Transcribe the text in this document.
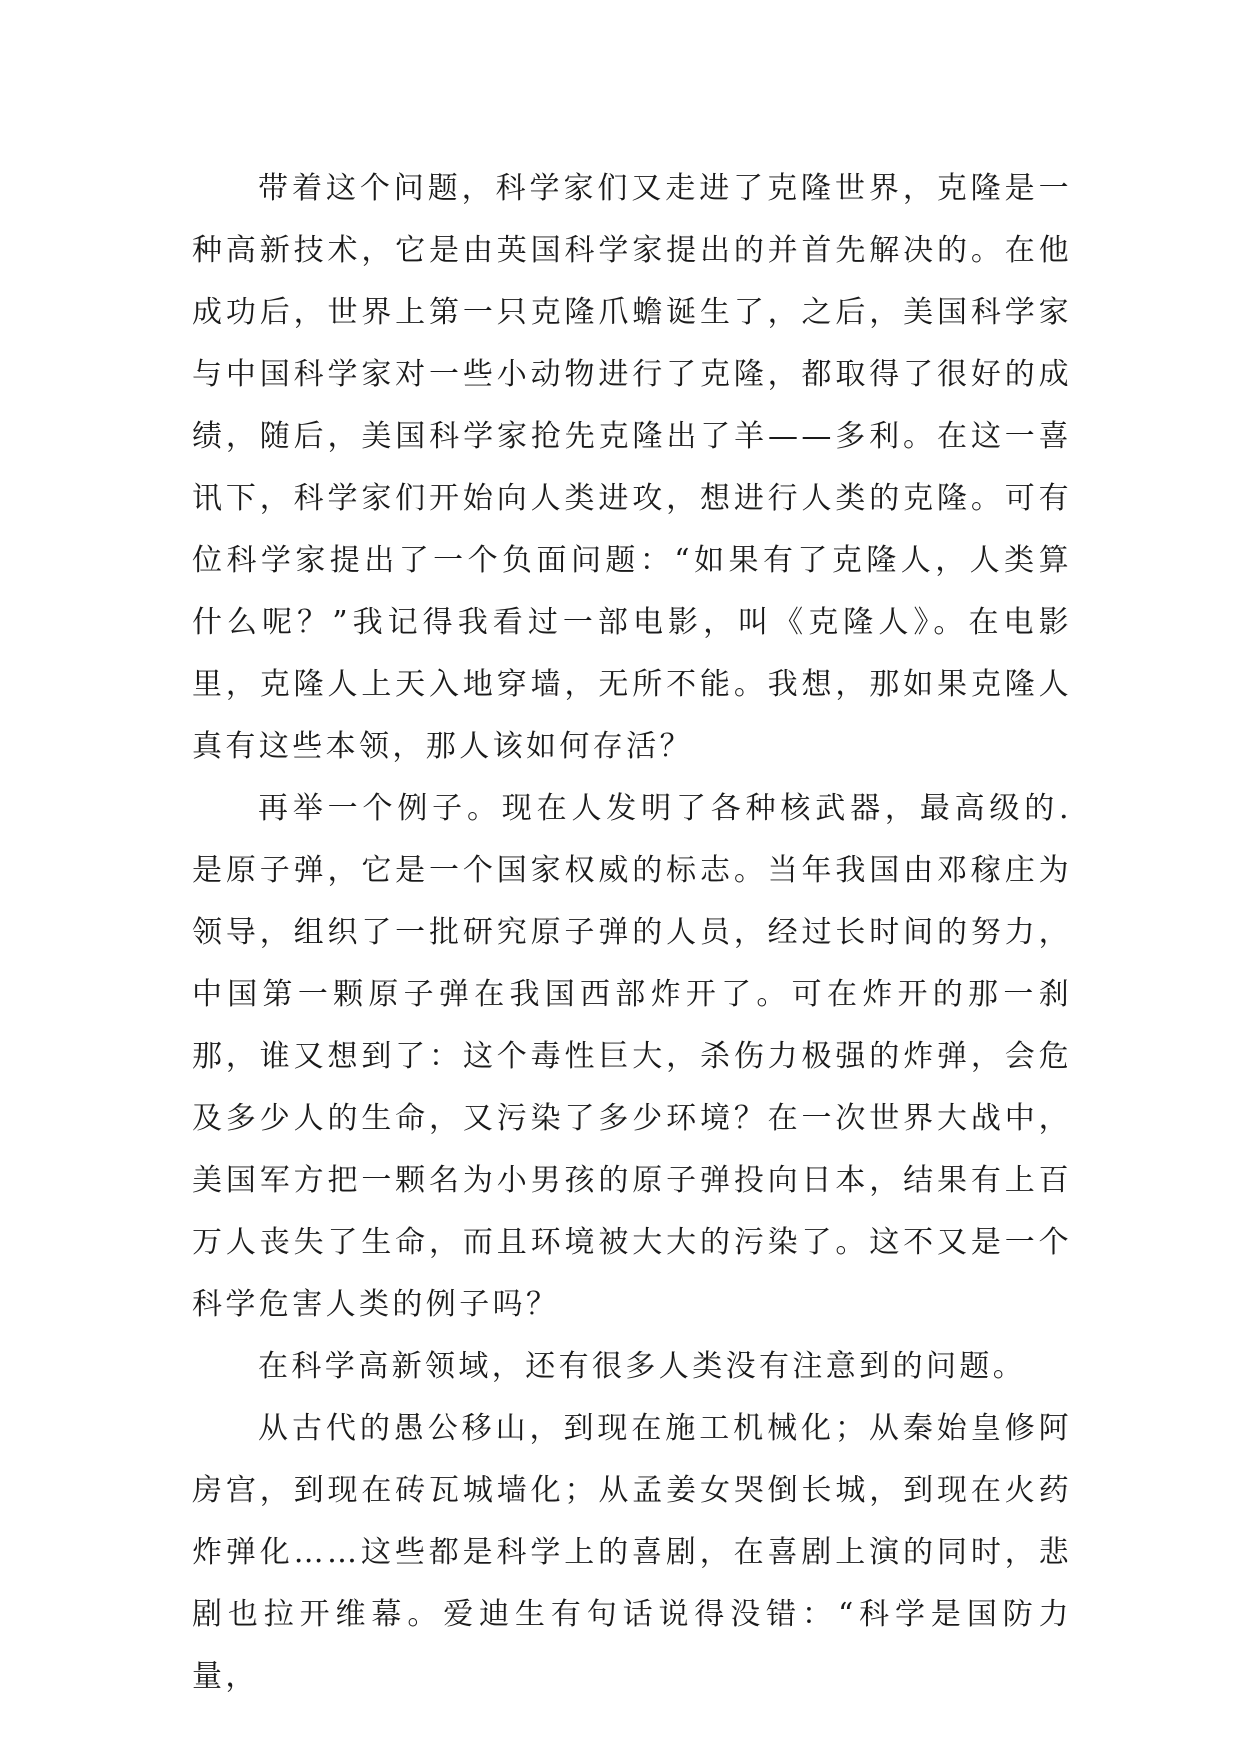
带着这个问题，科学家们又走进了克隆世界，克隆是一种高新技术，它是由英国科学家提出的并首先解决的。在他成功后，世界上第一只克隆爪蟾诞生了，之后，美国科学家与中国科学家对一些小动物进行了克隆，都取得了很好的成绩，随后，美国科学家抢先克隆出了羊——多利。在这一喜讯下，科学家们开始向人类进攻，想进行人类的克隆。可有位科学家提出了一个负面问题：“如果有了克隆人，人类算什么呢？”我记得我看过一部电影，叫《克隆人》。在电影里，克隆人上天入地穿墙，无所不能。我想，那如果克隆人真有这些本领，那人该如何存活？

再举一个例子。现在人发明了各种核武器，最高级的.是原子弹，它是一个国家权威的标志。当年我国由邓稼庄为领导，组织了一批研究原子弹的人员，经过长时间的努力，中国第一颗原子弹在我国西部炸开了。可在炸开的那一刹那，谁又想到了：这个毒性巨大，杀伤力极强的炸弹，会危及多少人的生命，又污染了多少环境？在一次世界大战中，美国军方把一颗名为小男孩的原子弹投向日本，结果有上百万人丧失了生命，而且环境被大大的污染了。这不又是一个科学危害人类的例子吗？

在科学高新领域，还有很多人类没有注意到的问题。

从古代的愚公移山，到现在施工机械化；从秦始皇修阿房宫，到现在砖瓦城墙化；从孟姜女哭倒长城，到现在火药炸弹化……这些都是科学上的喜剧，在喜剧上演的同时，悲剧也拉开维幕。爱迪生有句话说得没错：“科学是国防力量，
